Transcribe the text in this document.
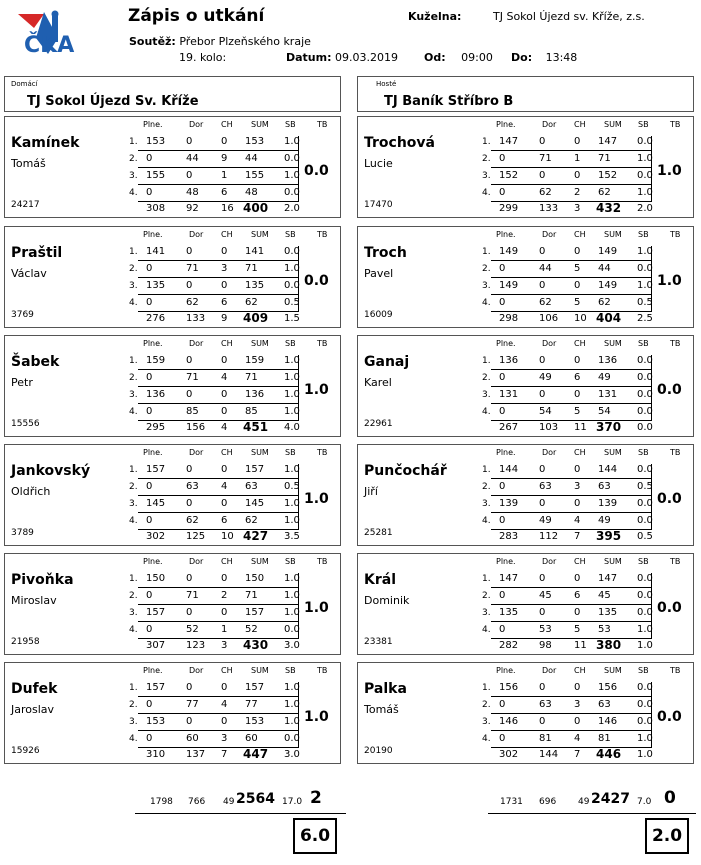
ČKA
Zápis o utkání
Soutěž: Přebor Plzeňského kraje
19. kolo:	Datum: 09.03.2019 Od: 09:00 Do: 13:48
Kuželna:	TJ Sokol Újezd sv. Kříže, z.s.
Domácí
TJ Sokol Újezd Sv. Kříže
Hosté
TJ Baník Stříbro B
Kamínek
Tomáš
24217
0.0
Plne.	Dor CH SUM SB	TB
1. 153 0	0 153 1.0
2. 0	44 9 44	0.0
3. 155 0	1 155 1.0
4. 0	48 6 48	0.0
308 92 16 400 2.0
Praštil
Václav
3769
0.0
Plne.	Dor CH SUM SB	TB
1. 141 0	0 141 0.0
2. 0	71 3 71	1.0
3. 135 0	0 135 0.0
4. 0	62 6 62	0.5
276 133 9 409 1.5
Šabek
Petr
15556
1.0
Plne.	Dor CH SUM SB	TB
1. 159 0	0 159 1.0
2. 0	71 4 71	1.0
3. 136 0	0 136 1.0
4. 0	85 0 85	1.0
295 156 4 451 4.0
Jankovský
Oldřich
3789
1.0
Plne.	Dor CH SUM SB	TB
1. 157 0	0 157 1.0
2. 0	63 4 63	0.5
3. 145 0	0 145 1.0
4. 0	62 6 62	1.0
302 125 10 427 3.5
Pivoňka
Miroslav
21958
1.0
Plne.	Dor CH SUM SB	TB
1. 150 0	0 150 1.0
2. 0	71 2 71	1.0
3. 157 0	0 157 1.0
4. 0	52 1 52	0.0
307 123 3 430 3.0
Dufek
Jaroslav
15926
1.0
Plne.	Dor CH SUM SB	TB
1. 157 0	0 157 1.0
2. 0	77 4 77	1.0
3. 153 0	0 153 1.0
4. 0	60 3 60	0.0
310 137 7 447 3.0
Trochová
Lucie
17470
1.0
Plne.	Dor CH SUM SB	TB
1. 147 0	0 147 0.0
2. 0	71 1 71	1.0
3. 152 0	0 152 0.0
4. 0	62 2 62	1.0
299 133 3 432 2.0
Troch
Pavel
16009
1.0
Plne.	Dor CH SUM SB	TB
1. 149 0	0 149 1.0
2. 0	44 5 44	0.0
3. 149 0	0 149 1.0
4. 0	62 5 62	0.5
298 106 10 404 2.5
Ganaj
Karel
22961
0.0
Plne.	Dor CH SUM SB	TB
1. 136 0	0 136 0.0
2. 0	49 6 49	0.0
3. 131 0	0 131 0.0
4. 0	54 5 54	0.0
267 103 11 370 0.0
Punčochář
Jiří
25281
0.0
Plne.	Dor CH SUM SB	TB
1. 144 0	0 144 0.0
2. 0	63 3 63	0.5
3. 139 0	0 139 0.0
4. 0	49 4 49	0.0
283 112 7 395 0.5
Král
Dominik
23381
0.0
Plne.	Dor CH SUM SB	TB
1. 147 0	0 147 0.0
2. 0	45 6 45	0.0
3. 135 0	0 135 0.0
4. 0	53 5 53	1.0
282 98 11 380 1.0
Palka
Tomáš
20190
0.0
Plne.	Dor CH SUM SB	TB
1. 156 0	0 156 0.0
2. 0	63 3 63	0.0
3. 146 0	0 146 0.0
4. 0	81 4 81	1.0
302 144 7 446 1.0
1798 766 49 2564 17.0 2
6.0
1731 696 49 2427 7.0 0
2.0
